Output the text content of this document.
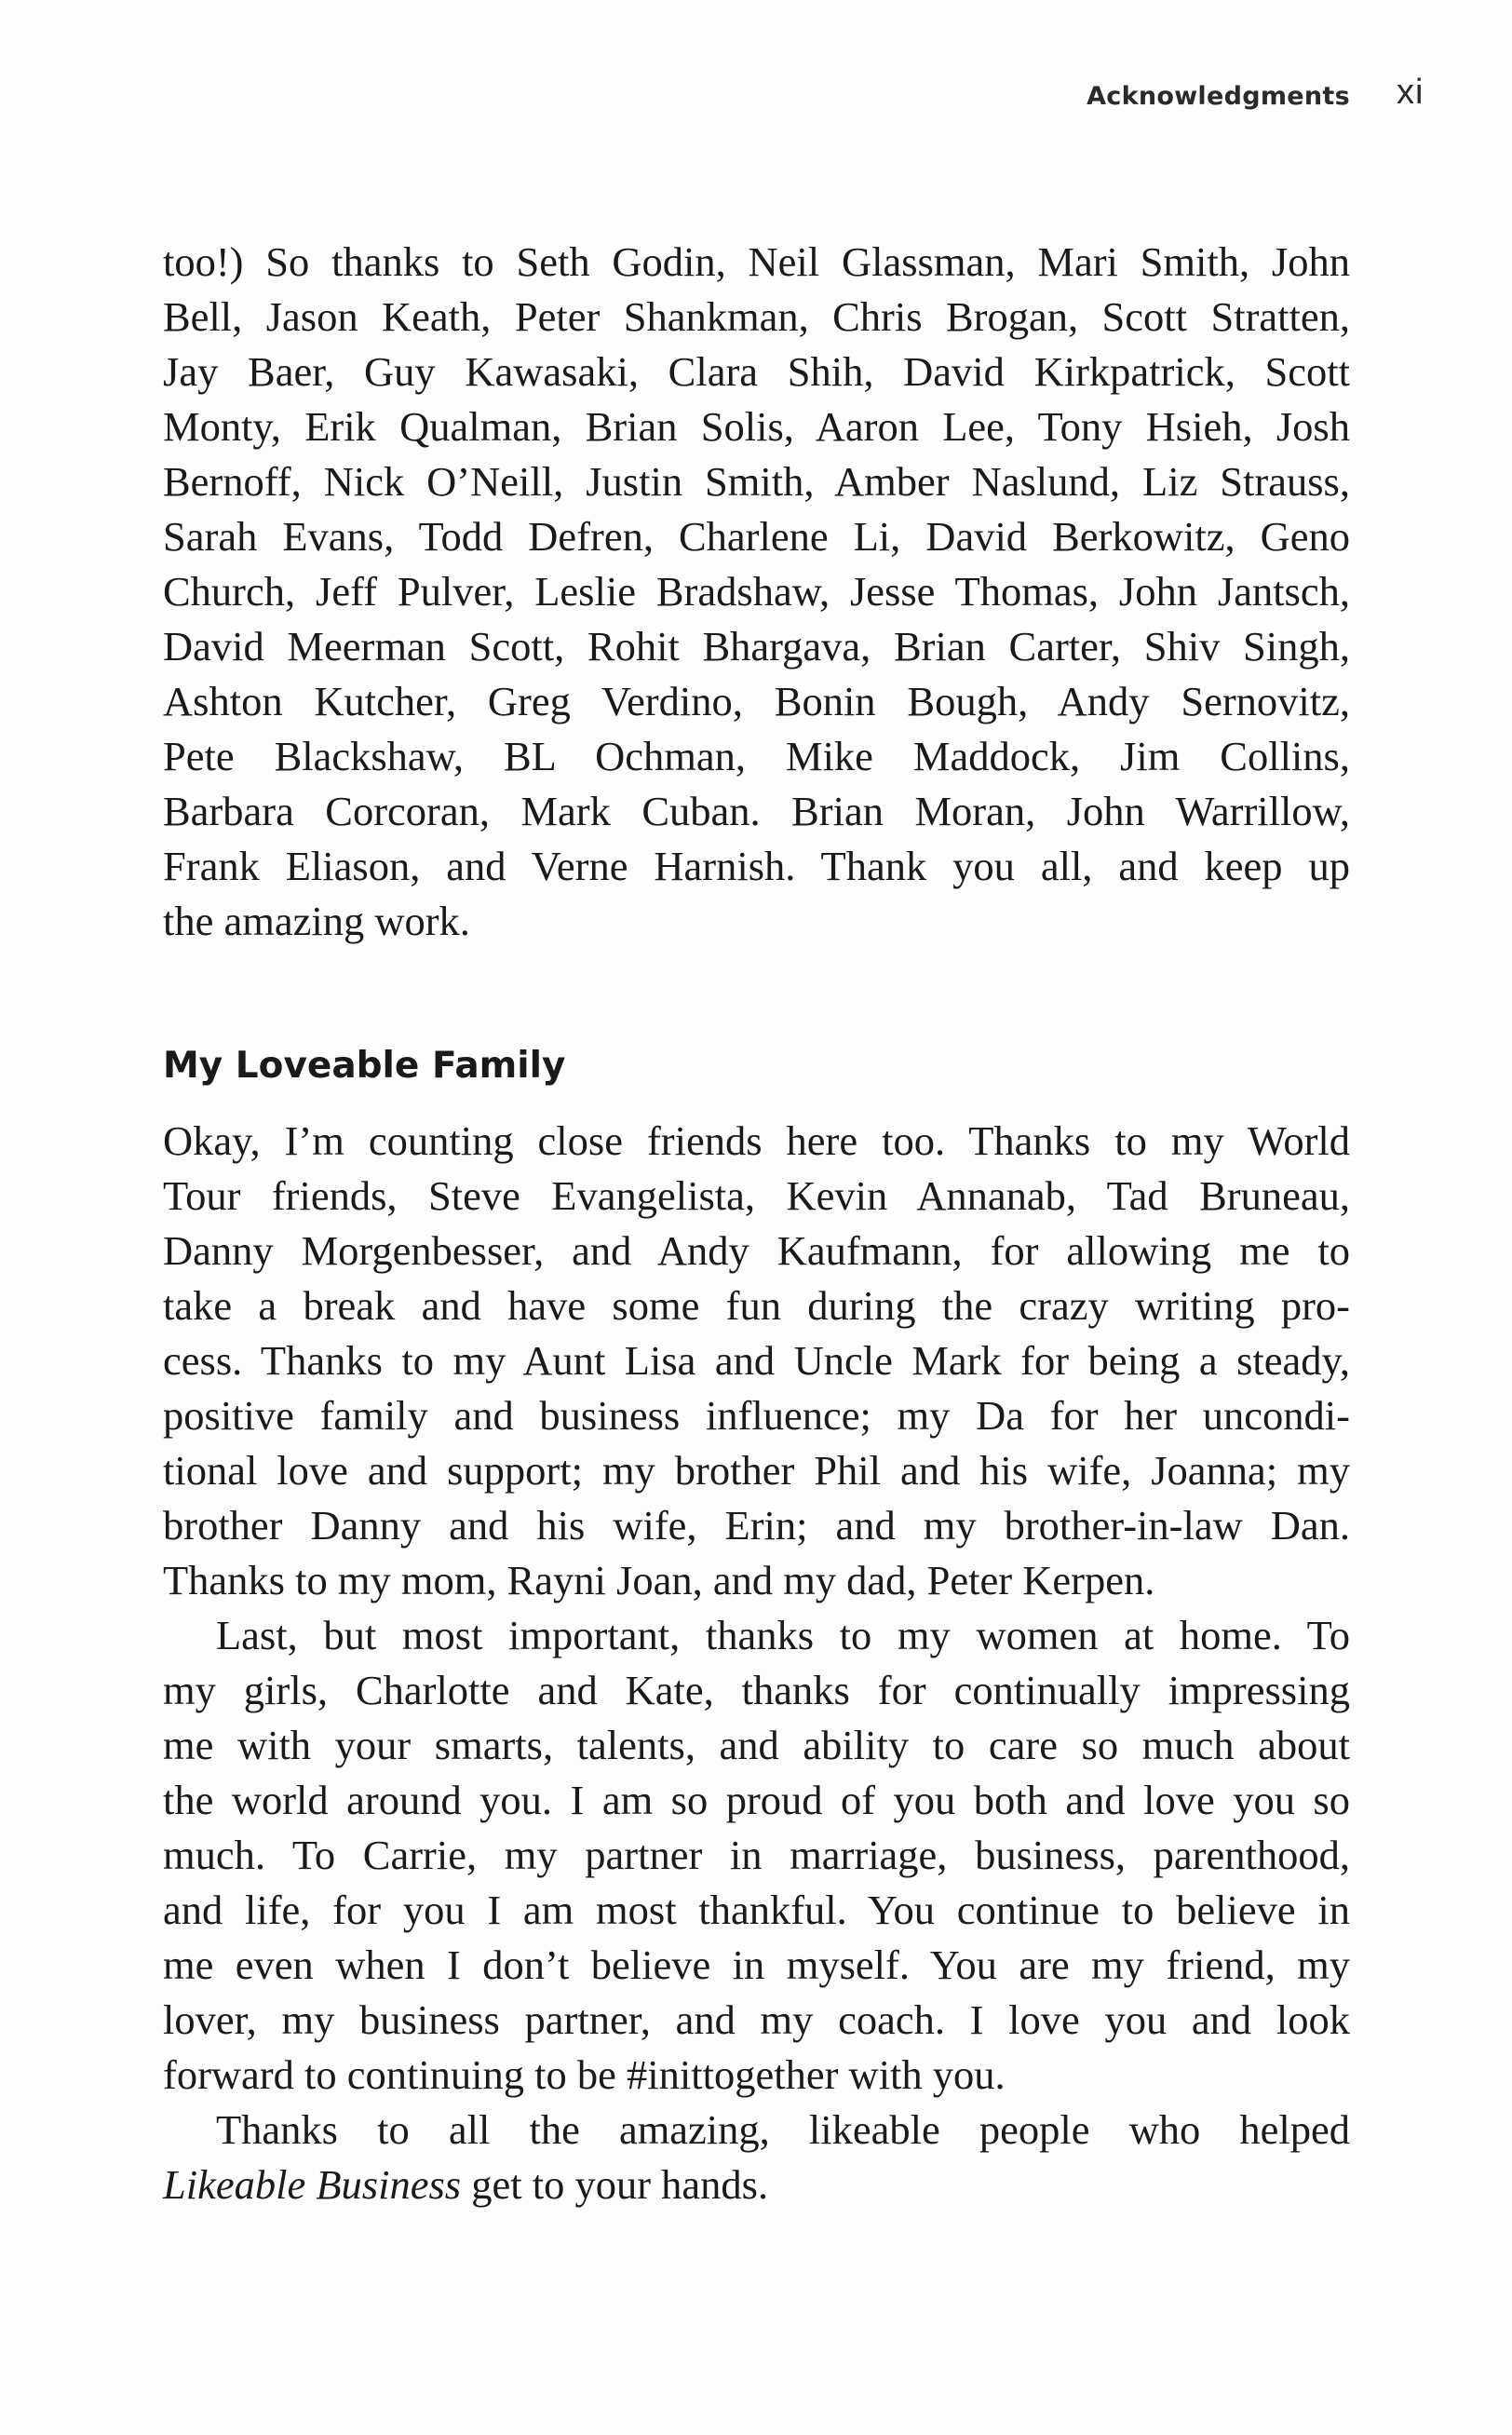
Acknowledgments xi
too!) So thanks to Seth Godin, Neil Glassman, Mari Smith, John
Bell, Jason Keath, Peter Shankman, Chris Brogan, Scott Stratten,
Jay Baer, Guy Kawasaki, Clara Shih, David Kirkpatrick, Scott
Monty, Erik Qualman, Brian Solis, Aaron Lee, Tony Hsieh, Josh
Bernoff, Nick O’Neill, Justin Smith, Amber Naslund, Liz Strauss,
Sarah Evans, Todd Defren, Charlene Li, David Berkowitz, Geno
Church, Jeff Pulver, Leslie Bradshaw, Jesse Thomas, John Jantsch,
David Meerman Scott, Rohit Bhargava, Brian Carter, Shiv Singh,
Ashton Kutcher, Greg Verdino, Bonin Bough, Andy Sernovitz,
Pete Blackshaw, BL Ochman, Mike Maddock, Jim Collins,
Barbara Corcoran, Mark Cuban. Brian Moran, John Warrillow,
Frank Eliason, and Verne Harnish. Thank you all, and keep up
the amazing work.
My Loveable Family
Okay, I’m counting close friends here too. Thanks to my World
Tour friends, Steve Evangelista, Kevin Annanab, Tad Bruneau,
Danny Morgenbesser, and Andy Kaufmann, for allowing me to
take a break and have some fun during the crazy writing pro-
cess. Thanks to my Aunt Lisa and Uncle Mark for being a steady,
positive family and business influence; my Da for her uncondi-
tional love and support; my brother Phil and his wife, Joanna; my
brother Danny and his wife, Erin; and my brother-in-law Dan.
Thanks to my mom, Rayni Joan, and my dad, Peter Kerpen.
Last, but most important, thanks to my women at home. To
my girls, Charlotte and Kate, thanks for continually impressing
me with your smarts, talents, and ability to care so much about
the world around you. I am so proud of you both and love you so
much. To Carrie, my partner in marriage, business, parenthood,
and life, for you I am most thankful. You continue to believe in
me even when I don’t believe in myself. You are my friend, my
lover, my business partner, and my coach. I love you and look
forward to continuing to be #inittogether with you.
Thanks to all the amazing, likeable people who helped
Likeable Business get to your hands.
